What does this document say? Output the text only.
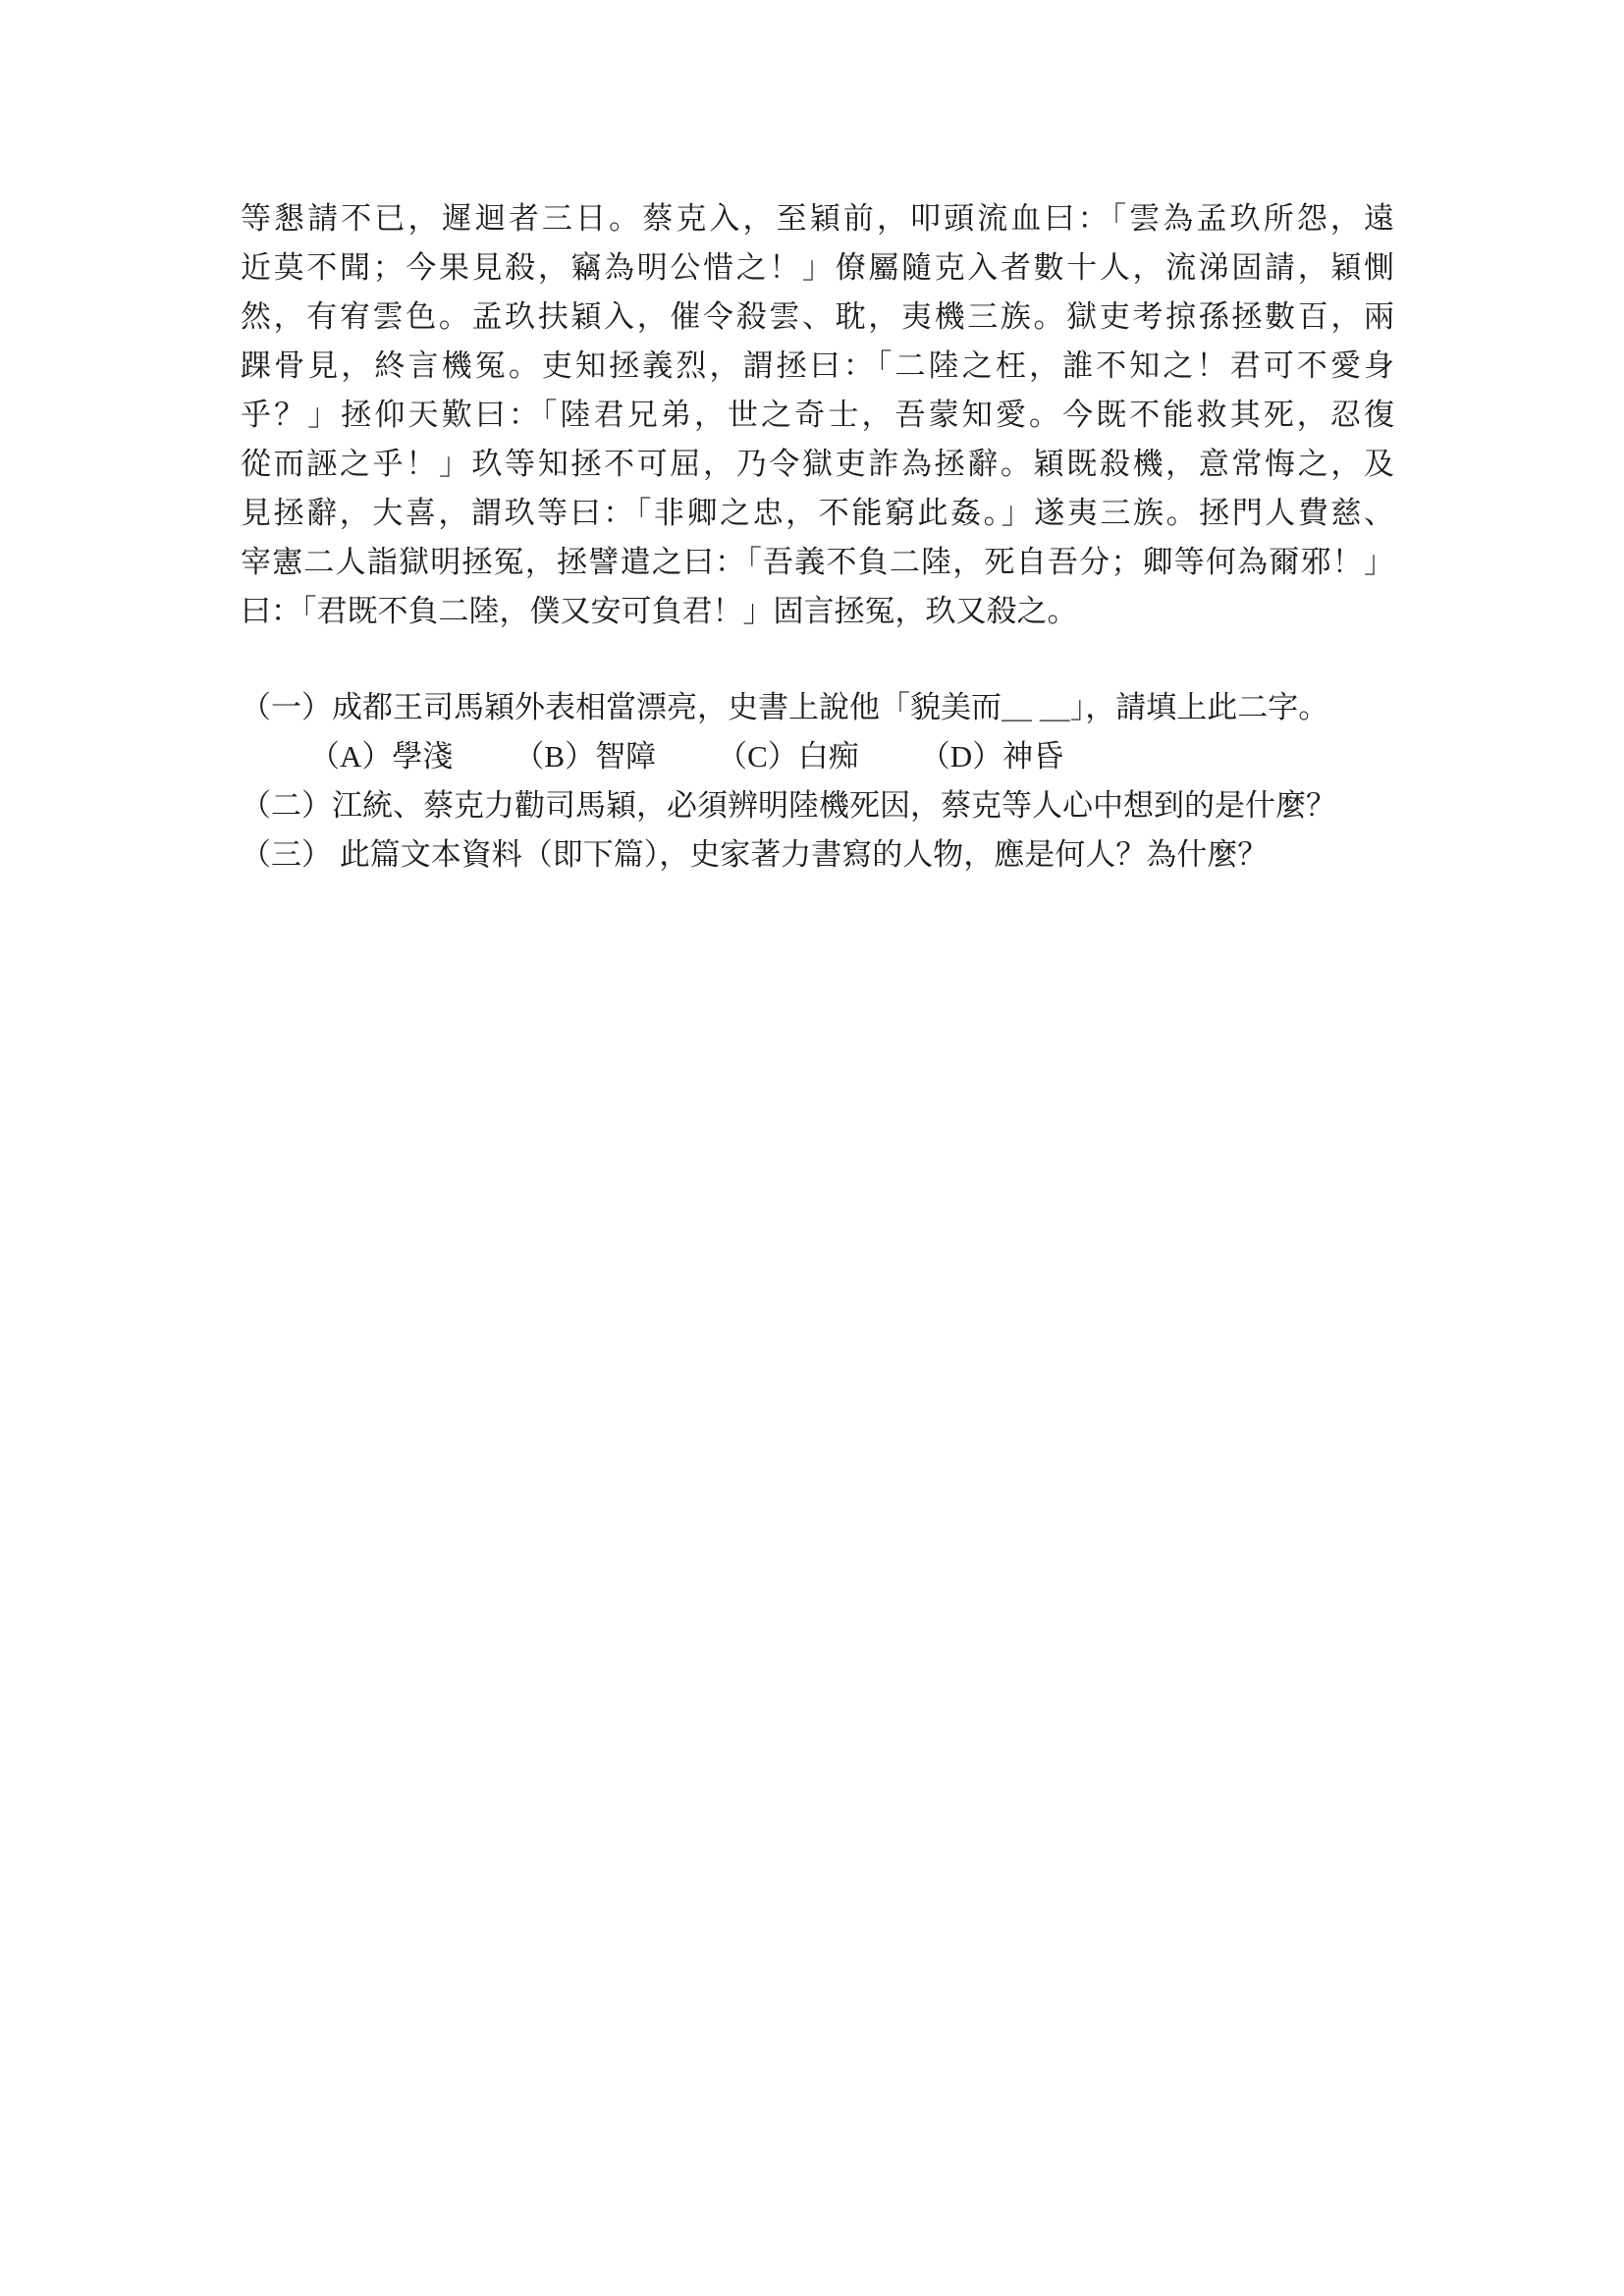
等懇請不已，遲迴者三日。蔡克入，至穎前，叩頭流血曰：「雲為孟玖所怨，遠
近莫不聞；今果見殺，竊為明公惜之！」僚屬隨克入者數十人，流涕固請，穎惻
然，有宥雲色。孟玖扶穎入，催令殺雲、耽，夷機三族。獄吏考掠孫拯數百，兩
踝骨見，終言機冤。吏知拯義烈，謂拯曰：「二陸之枉，誰不知之！君可不愛身
乎？」拯仰天歎曰：「陸君兄弟，世之奇士，吾蒙知愛。今既不能救其死，忍復
從而誣之乎！」玖等知拯不可屈，乃令獄吏詐為拯辭。穎既殺機，意常悔之，及
見拯辭，大喜，謂玖等曰：「非卿之忠，不能窮此姦。」遂夷三族。拯門人費慈、
宰憲二人詣獄明拯冤，拯譬遣之曰：「吾義不負二陸，死自吾分；卿等何為爾邪！」
曰：「君既不負二陸，僕又安可負君！」固言拯冤，玖又殺之。
（一）成都王司馬穎外表相當漂亮，史書上說他「貌美而＿ ＿」，請填上此二字。
（A）學淺 （B）智障 （C）白痴 （D）神昏
（二）江統、蔡克力勸司馬穎，必須辨明陸機死因，蔡克等人心中想到的是什麼？
（三） 此篇文本資料（即下篇），史家著力書寫的人物，應是何人？為什麼？
